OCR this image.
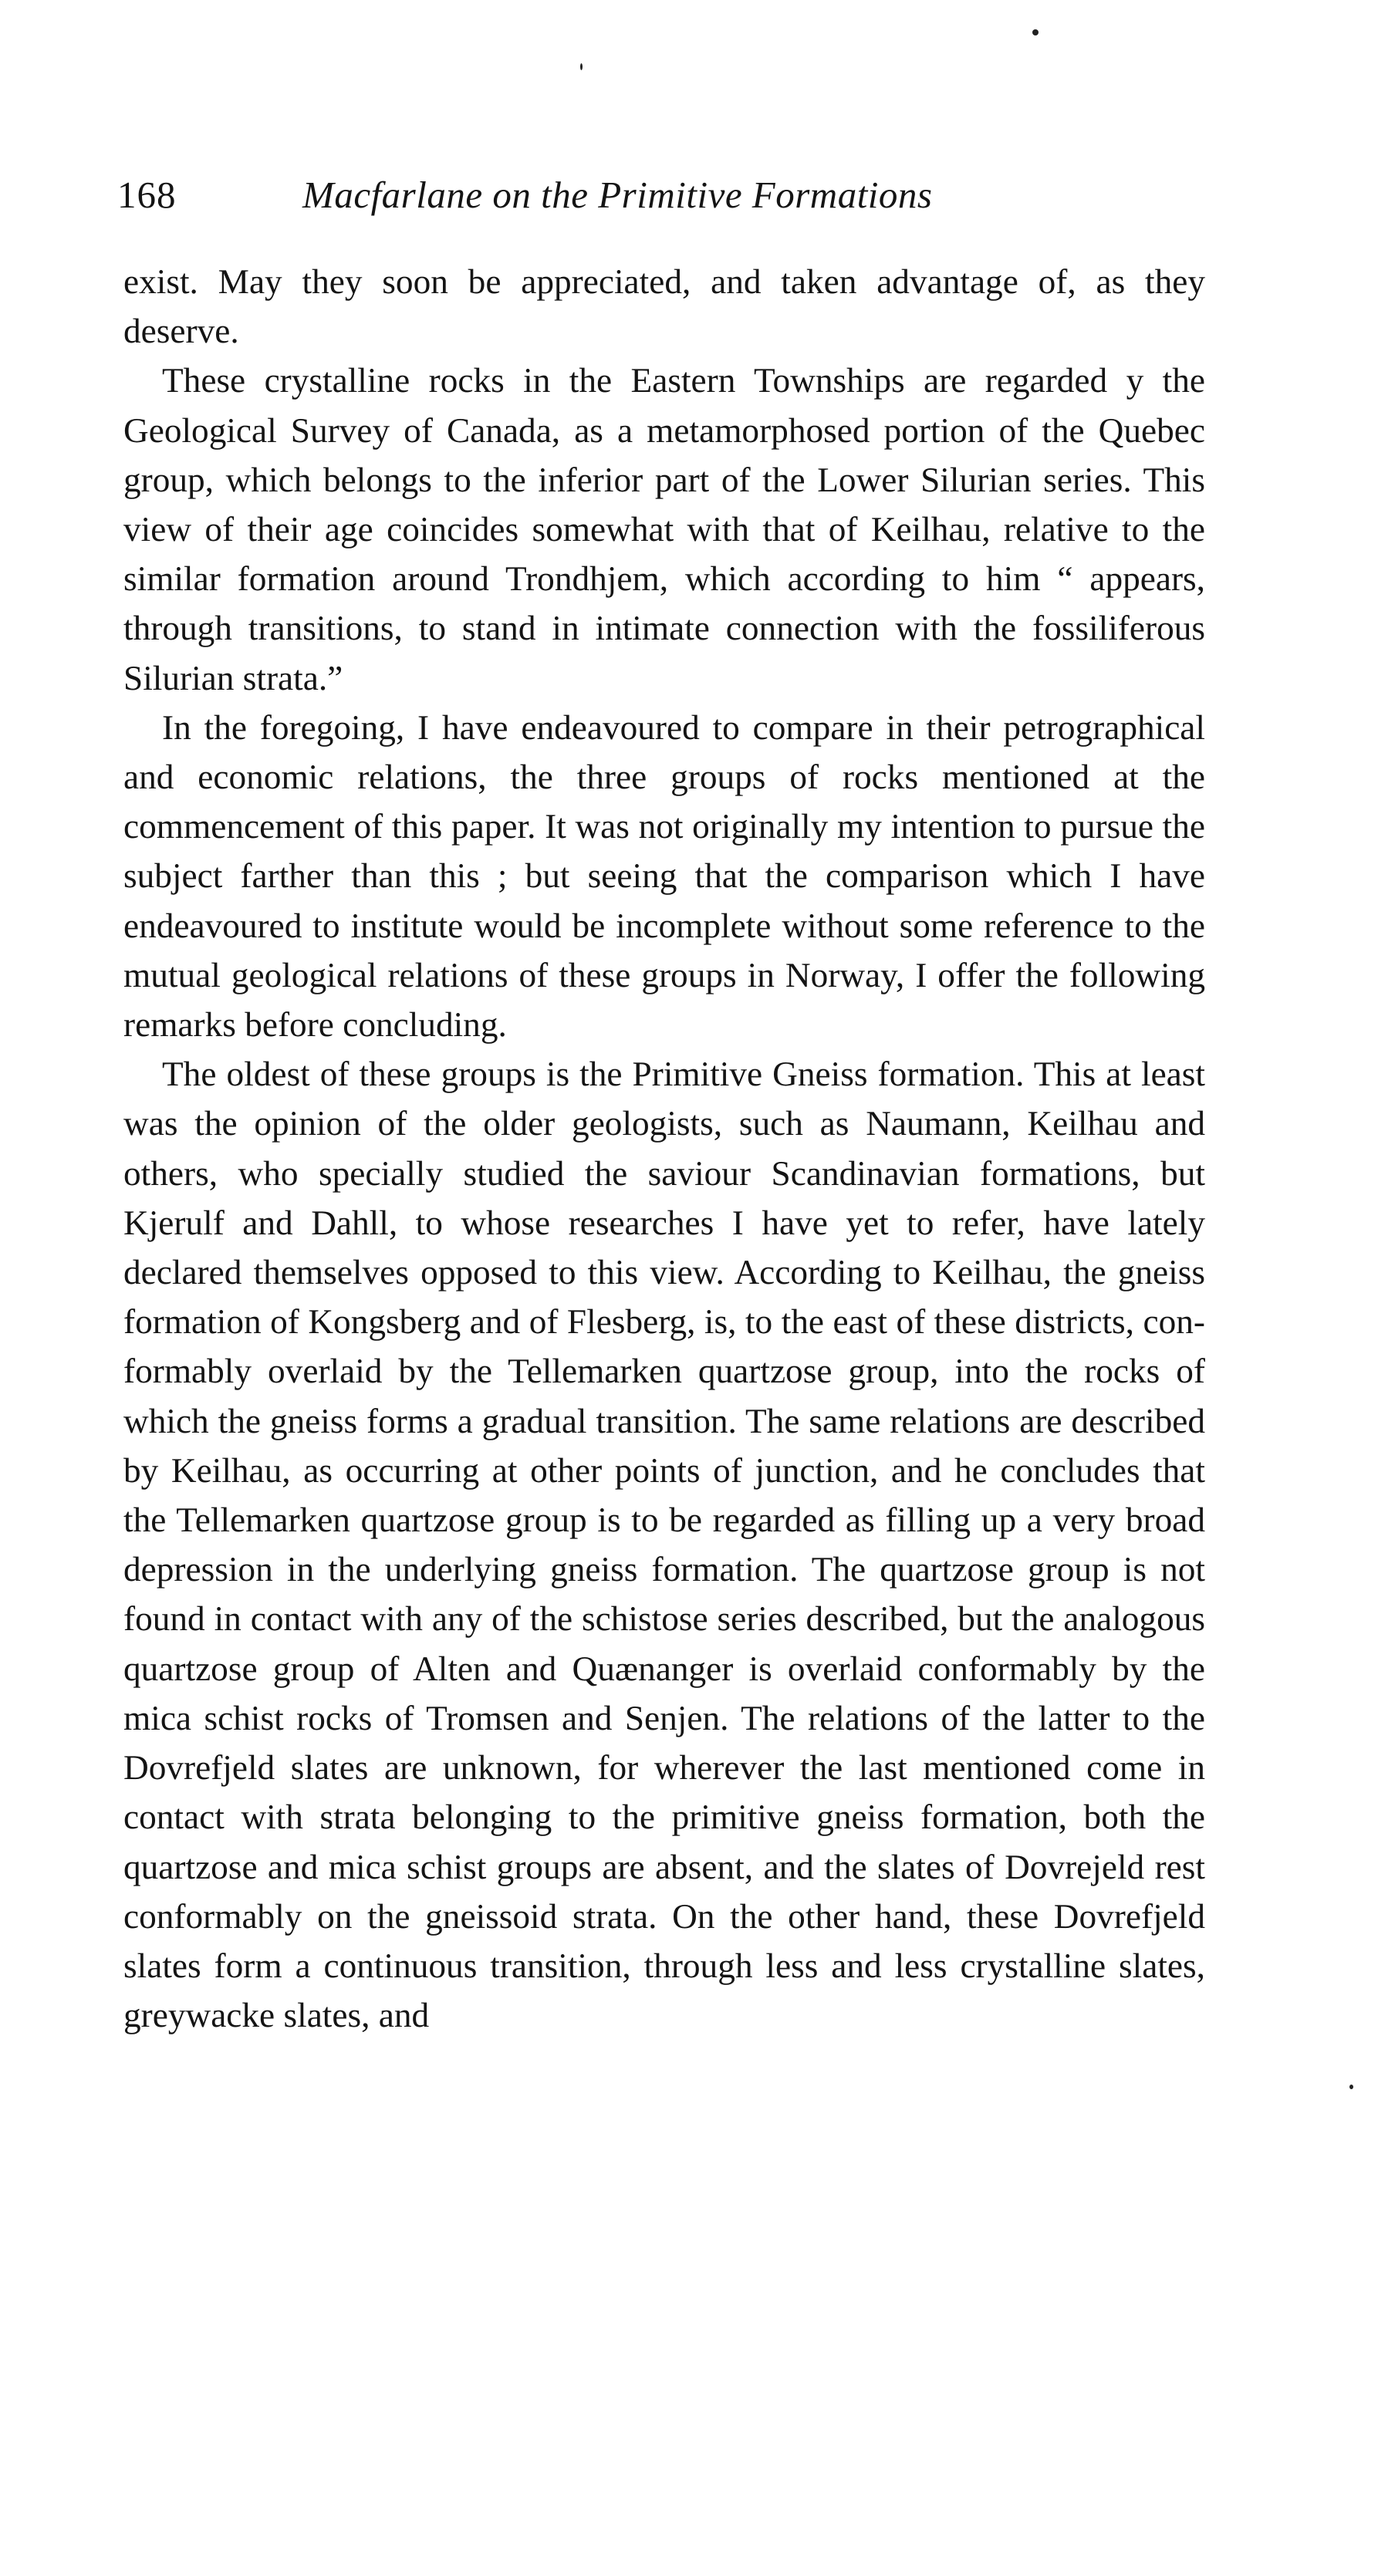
168	Macfarlane on the Primitive Formations

exist. May they soon be appreciated, and taken advantage of, as they deserve.

These crystalline rocks in the Eastern Townships are regarded y the Geological Survey of Canada, as a metamorphosed portion of the Quebec group, which belongs to the inferior part of the Lower Silurian series. This view of their age coincides somewhat with that of Keilhau, relative to the similar formation around Trondhjem, which according to him “ appears, through transitions, to stand in intimate connection with the fossiliferous Silurian strata.”

In the foregoing, I have endeavoured to compare in their petrographical and economic relations, the three groups of rocks mentioned at the commencement of this paper. It was not originally my intention to pursue the subject farther than this ; but seeing that the comparison which I have endeavoured to institute would be incomplete without some reference to the mutual geological relations of these groups in Norway, I offer the following remarks before concluding.

The oldest of these groups is the Primitive Gneiss formation. This at least was the opinion of the older geologists, such as Naumann, Keilhau and others, who specially studied the saviour Scandinavian formations, but Kjerulf and Dahll, to whose researches I have yet to refer, have lately declared themselves opposed to this view. According to Keilhau, the gneiss formation of Kongsberg and of Flesberg, is, to the east of these districts, conformably overlaid by the Tellemarken quartzose group, into the rocks of which the gneiss forms a gradual transition. The same relations are described by Keilhau, as occurring at other points of junction, and he concludes that the Tellemarken quartzose group is to be regarded as filling up a very broad depression in the underlying gneiss formation. The quartzose group is not found in contact with any of the schistose series described, but the analogous quartzose group of Alten and Quænanger is overlaid conformably by the mica schist rocks of Tromsen and Senjen. The relations of the latter to the Dovrefjeld slates are unknown, for wherever the last mentioned come in contact with strata belonging to the primitive gneiss formation, both the quartzose and mica schist groups are absent, and the slates of Dovrejeld rest conformably on the gneissoid strata. On the other hand, these Dovrefjeld slates form a continuous transition, through less and less crystalline slates, greywacke slates, and
